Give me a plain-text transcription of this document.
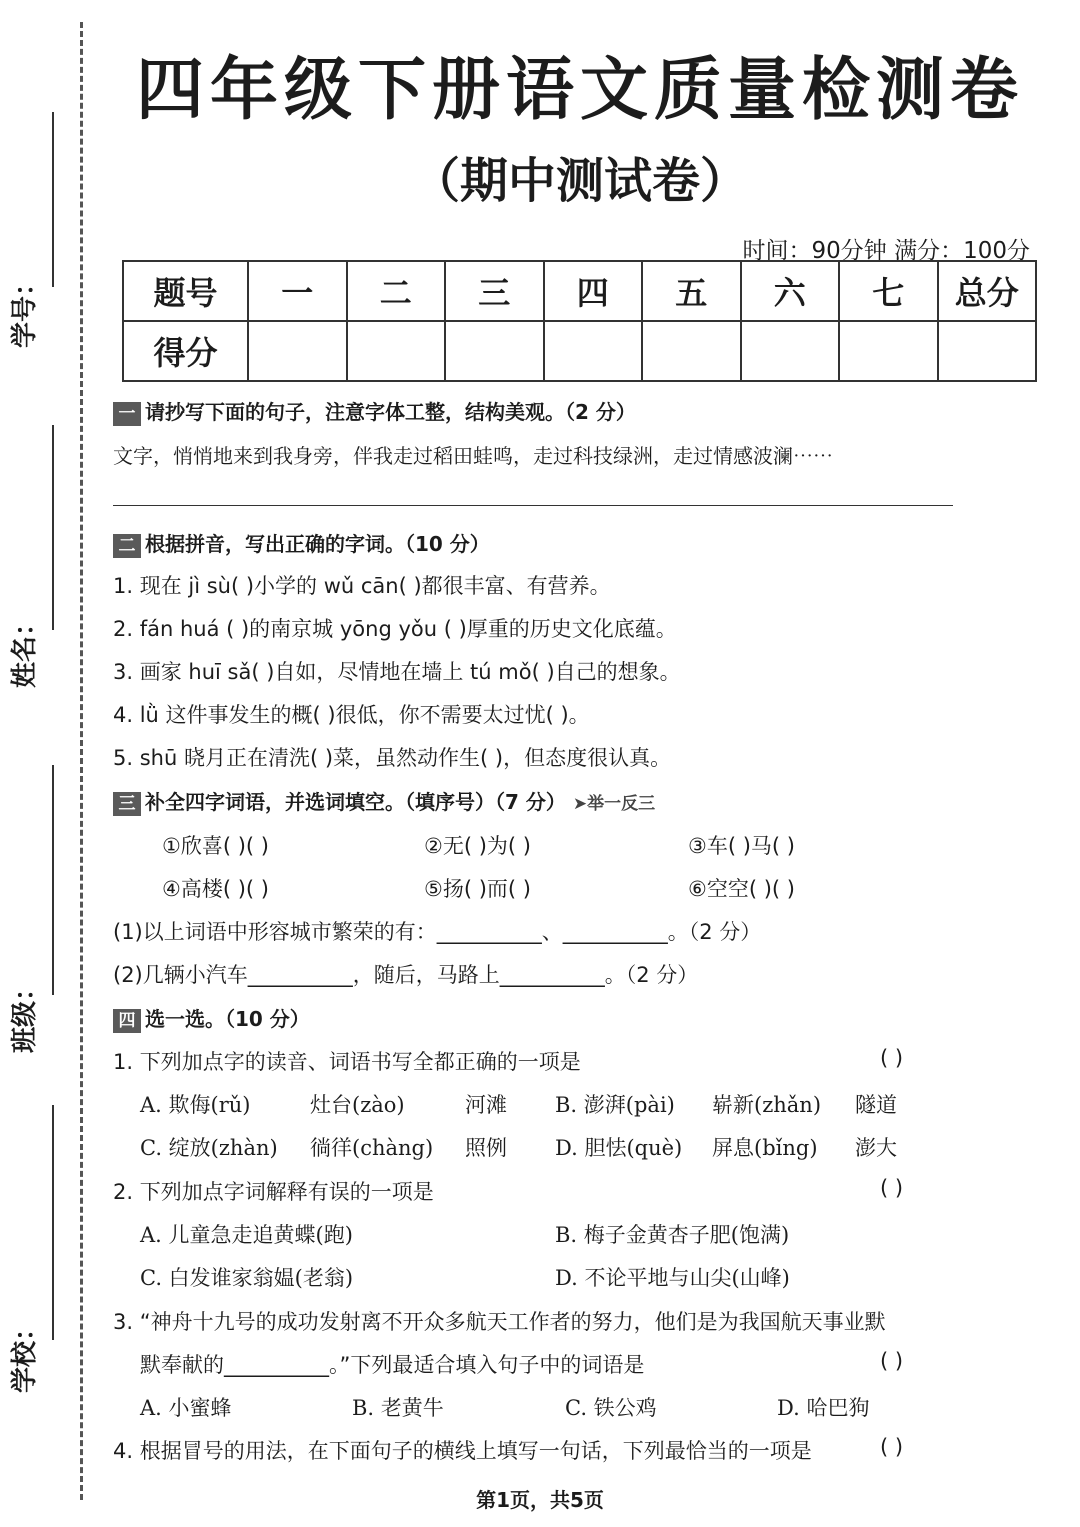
学号：
姓名：
班级：
学校：
四年级下册语文质量检测卷
（期中测试卷）
时间：90分钟 满分：100分
题号	一	二	三	四	五	六	七	总分
得分								
一 请抄写下面的句子，注意字体工整，结构美观。（2 分）
文字，悄悄地来到我身旁，伴我走过稻田蛙鸣，走过科技绿洲，走过情感波澜⋯⋯
二 根据拼音，写出正确的字词。（10 分）
1. 现在 jì sù( )小学的 wǔ cān( )都很丰富、有营养。
2. fán huá ( )的南京城 yōng yǒu ( )厚重的历史文化底蕴。
3. 画家 huī sǎ( )自如，尽情地在墙上 tú mǒ( )自己的想象。
4. lǜ 这件事发生的概( )很低，你不需要太过忧( )。
5. shū 晓月正在清洗( )菜，虽然动作生( )，但态度很认真。
三 补全四字词语，并选词填空。（填序号）（7 分） ➤举一反三
①欣喜( )( )	②无( )为( )	③车( )马( )
④高楼( )( )	⑤扬( )而( )	⑥空空( )( )
(1)以上词语中形容城市繁荣的有：__________、__________。（2 分）
(2)几辆小汽车__________，随后，马路上__________。（2 分）
四 选一选。（10 分）
1. 下列加点字的读音、词语书写全都正确的一项是	( )
A. 欺侮(rǔ)	灶台(zào)	河滩 B. 澎湃(pài) 崭新(zhǎn) 隧道
C. 绽放(zhàn) 徜徉(chàng) 照例 D. 胆怯(què) 屏息(bǐng) 澎大
2. 下列加点字词解释有误的一项是	( )
A. 儿童急走追黄蝶(跑)	B. 梅子金黄杏子肥(饱满)
C. 白发谁家翁媪(老翁)	D. 不论平地与山尖(山峰)
3. “神舟十九号的成功发射离不开众多航天工作者的努力，他们是为我国航天事业默
默奉献的__________。”下列最适合填入句子中的词语是	( )
A. 小蜜蜂	B. 老黄牛	C. 铁公鸡	D. 哈巴狗
4. 根据冒号的用法，在下面句子的横线上填写一句话，下列最恰当的一项是	( )
第1页，共5页
